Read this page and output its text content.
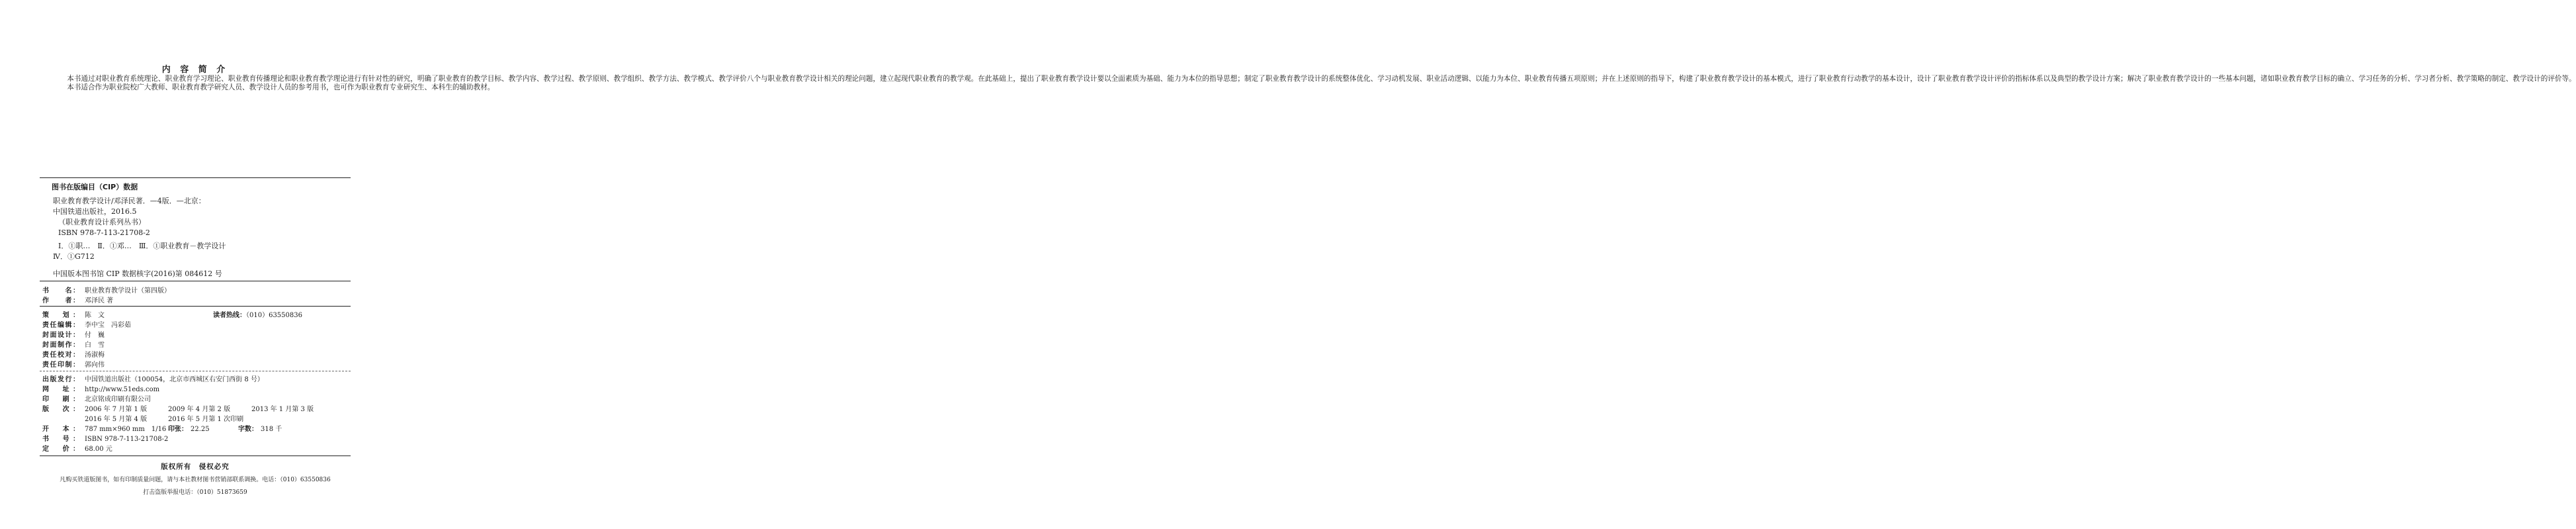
内 容 简 介

本书通过对职业教育系统理论、职业教育学习理论、职业教育传播理论和职业教育教学理论进行有针对性的研究，明确了职业教育的教学目标、教学内容、教学过程、教学原则、教学组织、教学方法、教学模式、教学评价八个与职业教育教学设计相关的理论问题，建立起现代职业教育的教学观。在此基础上，提出了职业教育教学设计要以全面素质为基础、能力为本位的指导思想；制定了职业教育教学设计的系统整体优化、学习动机发展、职业活动逻辑、以能力为本位、职业教育传播五项原则；并在上述原则的指导下，构建了职业教育教学设计的基本模式，进行了职业教育行动教学的基本设计，设计了职业教育教学设计评价的指标体系以及典型的教学设计方案；解决了职业教育教学设计的一些基本问题，诸如职业教育教学目标的确立、学习任务的分析、学习者分析、教学策略的制定、教学设计的评价等。

本书适合作为职业院校广大教师、职业教育教学研究人员、教学设计人员的参考用书，也可作为职业教育专业研究生、本科生的辅助教材。

图书在版编目（CIP）数据
职业教育教学设计/邓泽民著．—4版．—北京：
中国铁道出版社，2016.5
（职业教育设计系列丛书）
ISBN 978-7-113-21708-2
Ⅰ．①职…　Ⅱ．①邓…　Ⅲ．①职业教育－教学设计
Ⅳ．①G712
中国版本图书馆 CIP 数据核字(2016)第 084612 号
书　　名： 职业教育教学设计（第四版）
作　　者： 邓泽民 著
策　划： 陈　文	读者热线：（010）63550836
责任编辑： 李中宝　冯彩茹
封面设计： 付　巍
封面制作： 白　雪
责任校对： 汤淑梅
责任印制： 郭向伟
出版发行： 中国铁道出版社（100054，北京市西城区右安门西街 8 号）
网　址： http://www.51eds.com
印　刷： 北京铭成印刷有限公司
版　次： 2006 年 7 月第 1 版	2009 年 4 月第 2 版	2013 年 1 月第 3 版
2016 年 5 月第 4 版	2016 年 5 月第 1 次印刷
开　本： 787 mm×960 mm　1/16 印张： 22.25	字数： 318 千
书　号： ISBN 978-7-113-21708-2
定　价： 68.00 元
版权所有　侵权必究
凡购买铁道版图书，如有印制质量问题，请与本社教材图书营销部联系调换。电话：（010）63550836
打击盗版举报电话：（010）51873659
